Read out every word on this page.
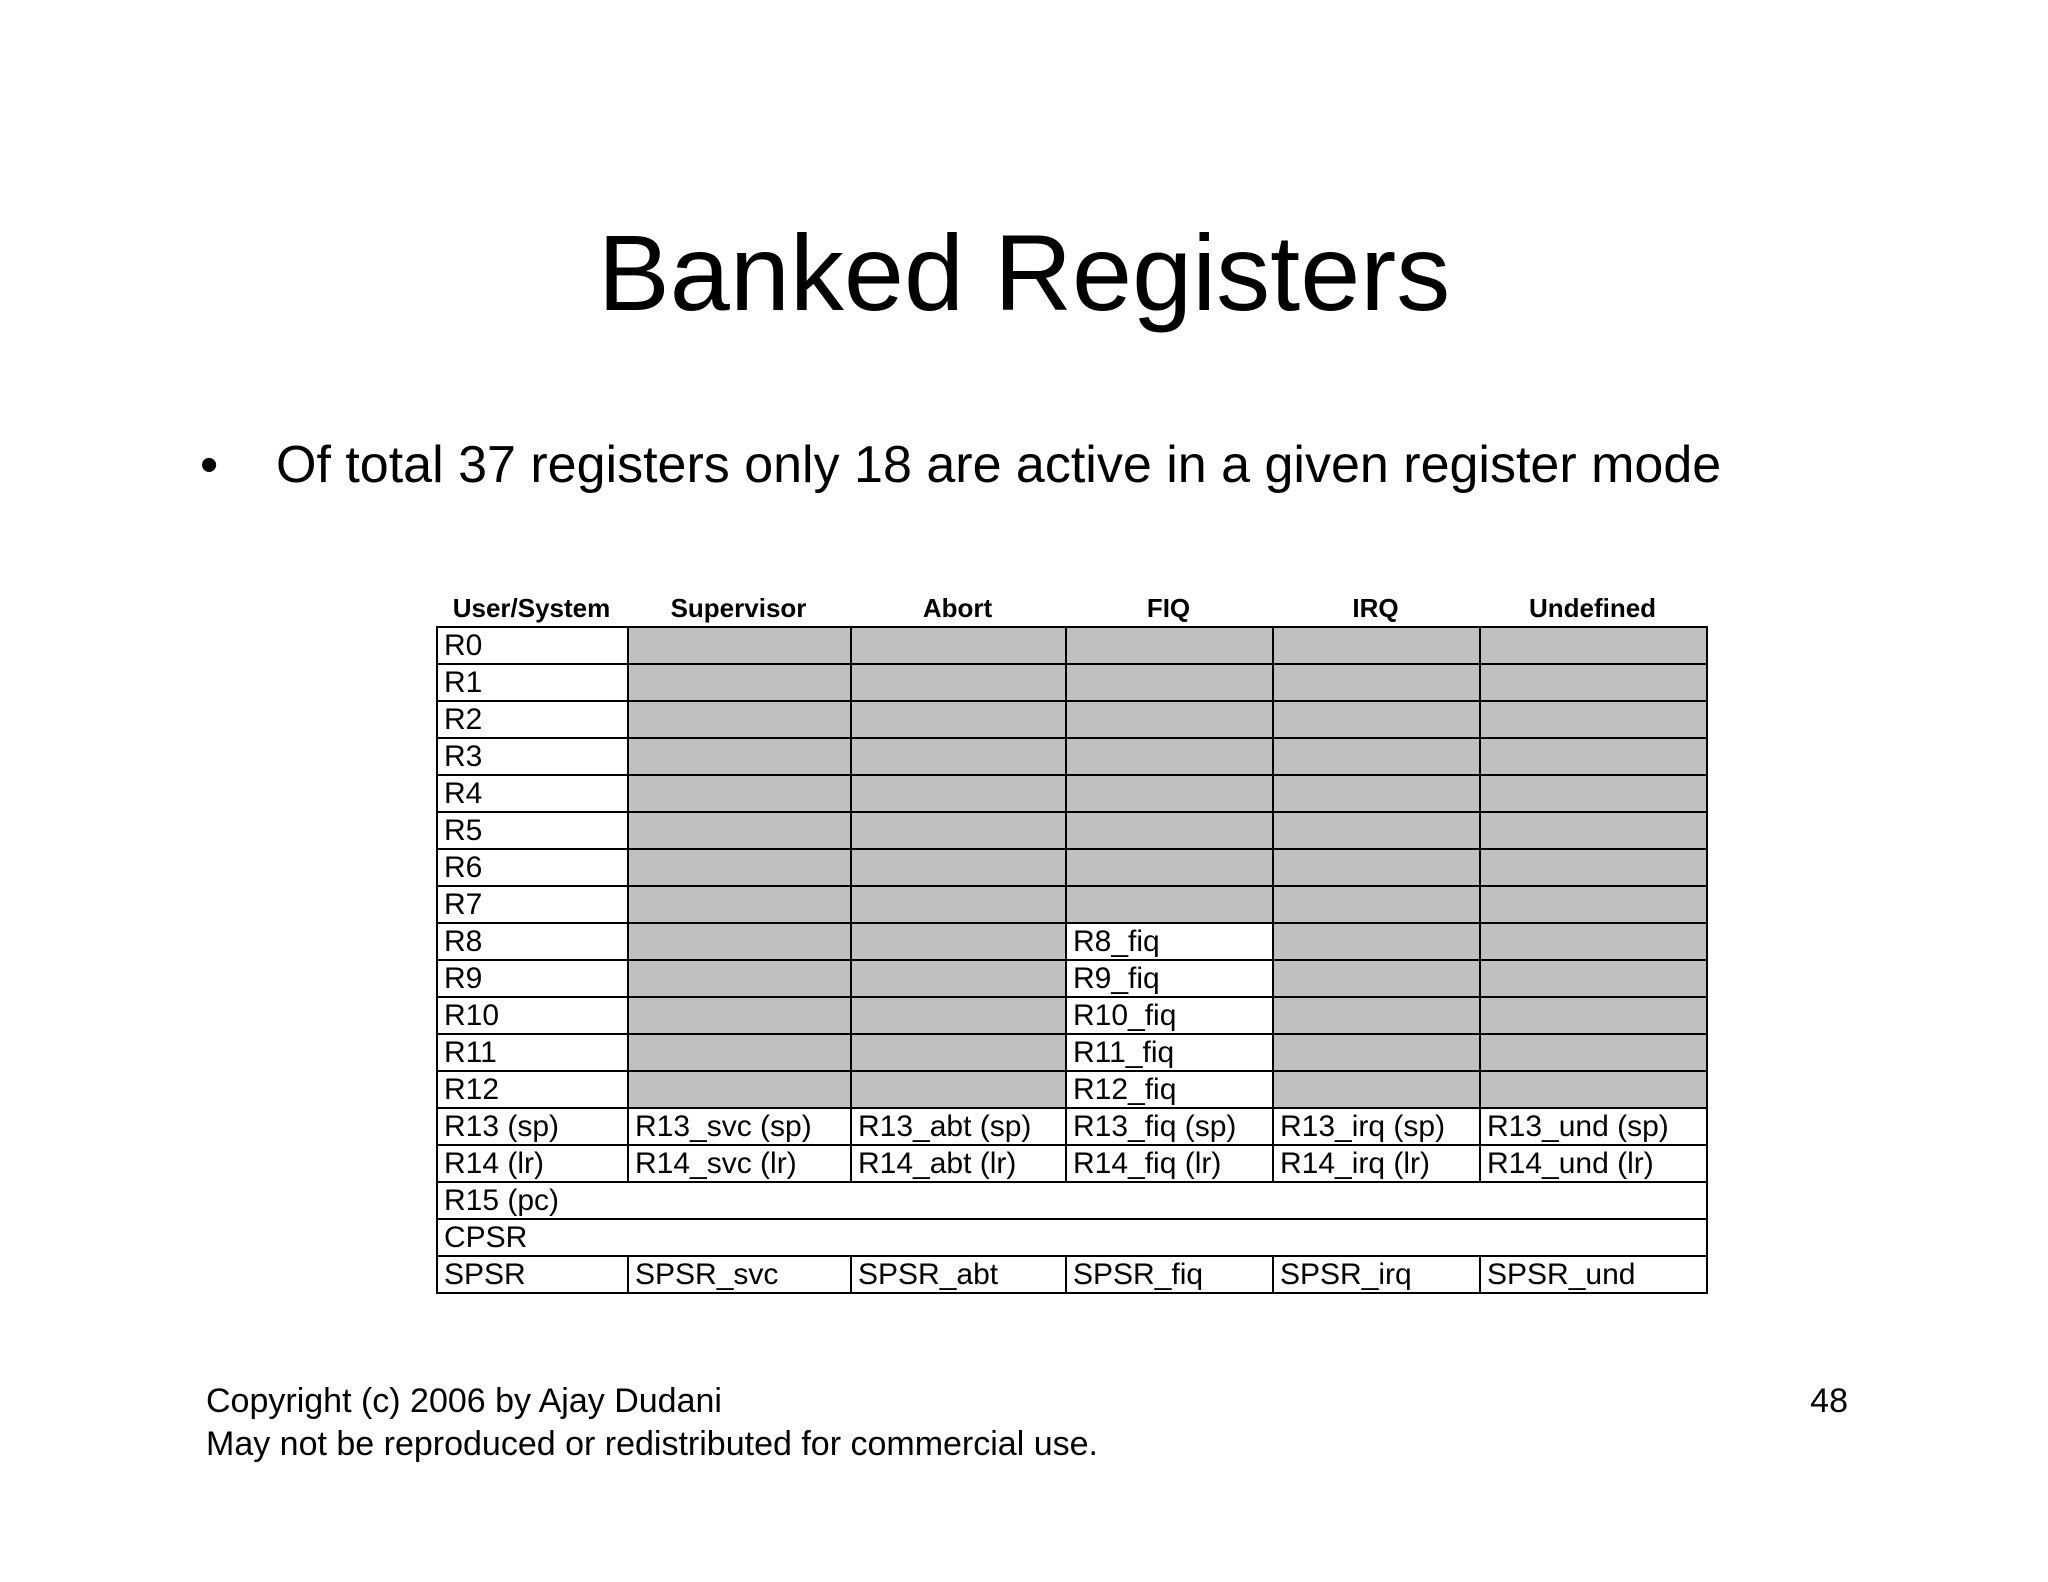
Banked Registers
• Of total 37 registers only 18 are active in a given register mode
User/System	Supervisor	Abort	FIQ	IRQ	Undefined
R0					
R1					
R2					
R3					
R4					
R5					
R6					
R7					
R8			R8_fiq		
R9			R9_fiq		
R10			R10_fiq		
R11			R11_fiq		
R12			R12_fiq		
R13 (sp)	R13_svc (sp)	R13_abt (sp)	R13_fiq (sp)	R13_irq (sp)	R13_und (sp)
R14 (lr)	R14_svc (lr)	R14_abt (lr)	R14_fiq (lr)	R14_irq (lr)	R14_und (lr)
R15 (pc)					
CPSR					
SPSR	SPSR_svc	SPSR_abt	SPSR_fiq	SPSR_irq	SPSR_und
Copyright (c) 2006 by Ajay Dudani
May not be reproduced or redistributed for commercial use.
48
